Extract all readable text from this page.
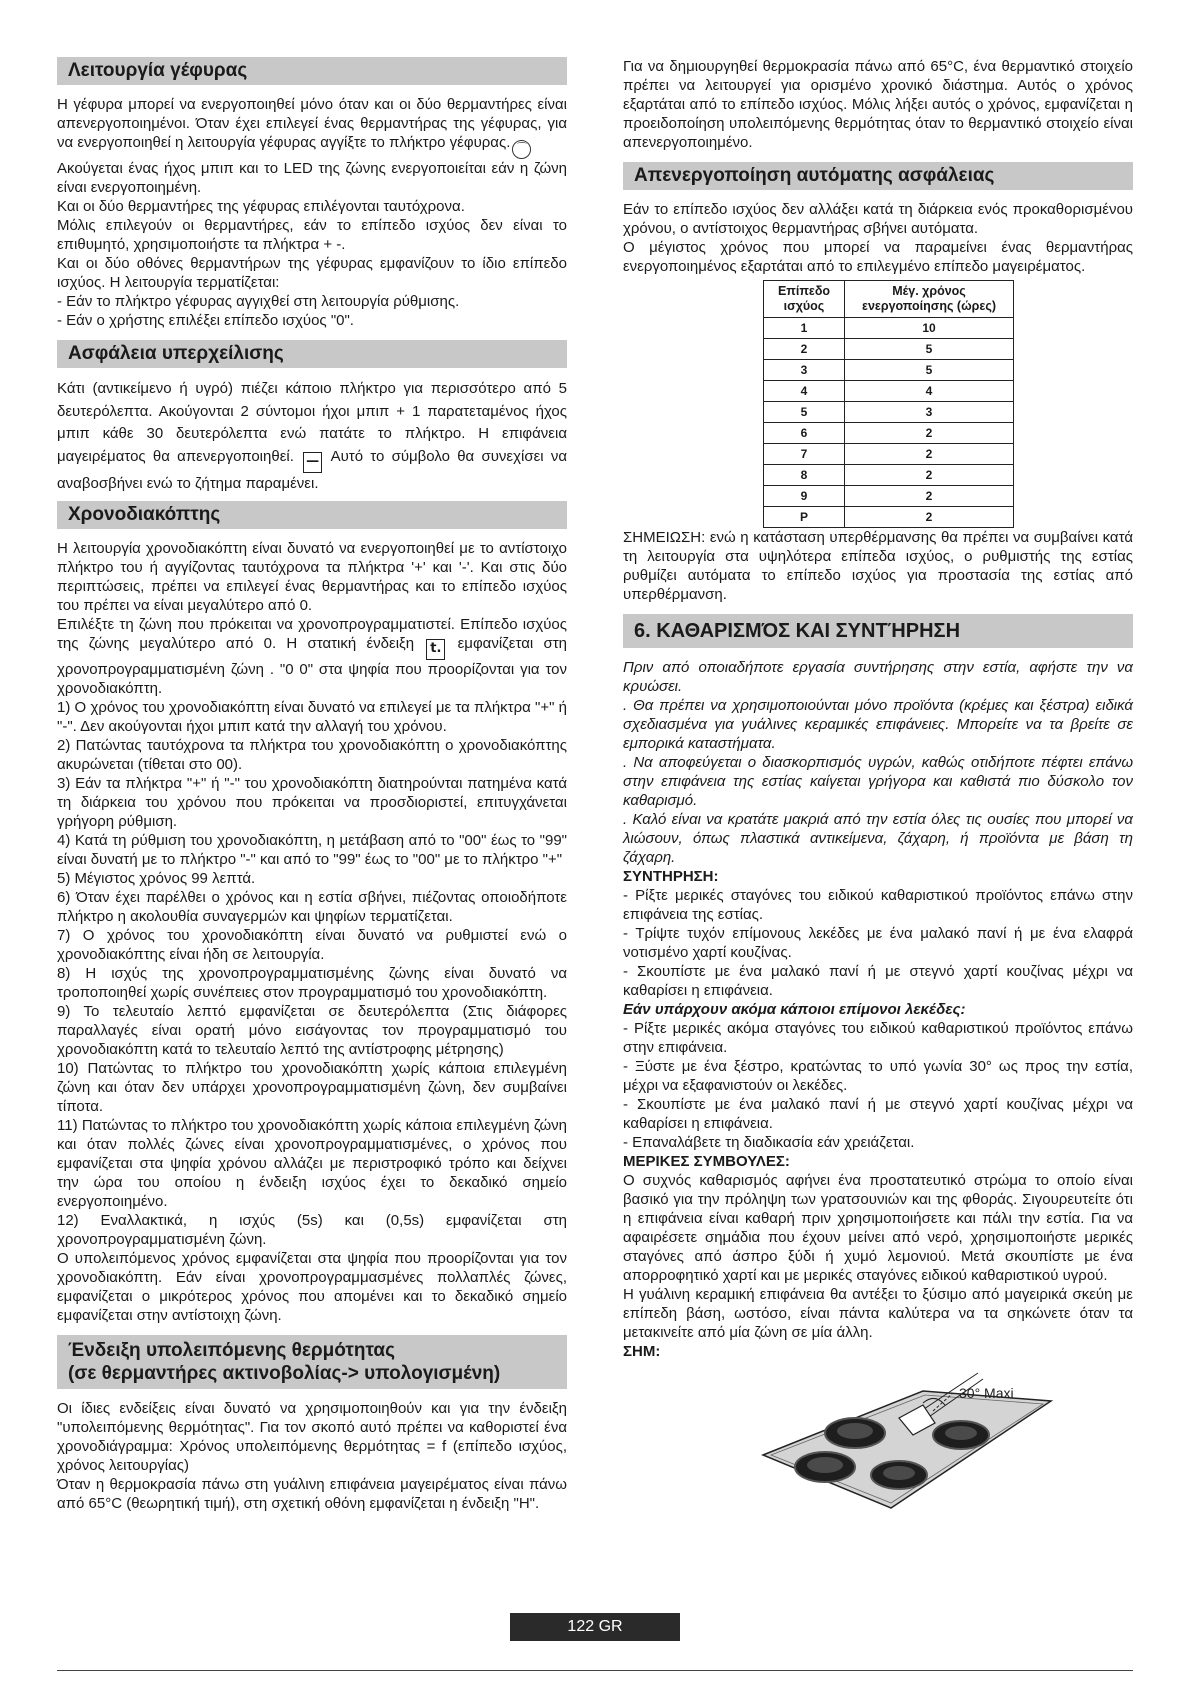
Λειτουργία γέφυρας

Η γέφυρα μπορεί να ενεργοποιηθεί μόνο όταν και οι δύο θερμαντήρες είναι απενεργοποιημένοι. Όταν έχει επιλεγεί ένας θερμαντήρας της γέφυρας, για να ενεργοποιηθεί η λειτουργία γέφυρας αγγίξτε το πλήκτρο γέφυρας. ⌒

Ακούγεται ένας ήχος μπιπ και το LED της ζώνης ενεργοποιείται εάν η ζώνη είναι ενεργοποιημένη.

Και οι δύο θερμαντήρες της γέφυρας επιλέγονται ταυτόχρονα.

Μόλις επιλεγούν οι θερμαντήρες, εάν το επίπεδο ισχύος δεν είναι το επιθυμητό, χρησιμοποιήστε τα πλήκτρα + -.

Και οι δύο οθόνες θερμαντήρων της γέφυρας εμφανίζουν το ίδιο επίπεδο ισχύος. Η λειτουργία τερματίζεται:

- Εάν το πλήκτρο γέφυρας αγγιχθεί στη λειτουργία ρύθμισης.

- Εάν ο χρήστης επιλέξει επίπεδο ισχύος "0".

Ασφάλεια υπερχείλισης

Κάτι (αντικείμενο ή υγρό) πιέζει κάποιο πλήκτρο για περισσότερο από 5 δευτερόλεπτα. Ακούγονται 2 σύντομοι ήχοι μπιπ + 1 παρατεταμένος ήχος μπιπ κάθε 30 δευτερόλεπτα ενώ πατάτε το πλήκτρο. Η επιφάνεια μαγειρέματος θα απενεργοποιηθεί. — Αυτό το σύμβολο θα συνεχίσει να αναβοσβήνει ενώ το ζήτημα παραμένει.

Χρονοδιακόπτης

Η λειτουργία χρονοδιακόπτη είναι δυνατό να ενεργοποιηθεί με το αντίστοιχο πλήκτρο του ή αγγίζοντας ταυτόχρονα τα πλήκτρα '+' και '-'. Και στις δύο περιπτώσεις, πρέπει να επιλεγεί ένας θερμαντήρας και το επίπεδο ισχύος του πρέπει να είναι μεγαλύτερο από 0.

Επιλέξτε τη ζώνη που πρόκειται να χρονοπρογραμματιστεί. Επίπεδο ισχύος της ζώνης μεγαλύτερο από 0. Η στατική ένδειξη t. εμφανίζεται στη χρονοπρογραμματισμένη ζώνη . "0 0" στα ψηφία που προορίζονται για τον χρονοδιακόπτη.

1) Ο χρόνος του χρονοδιακόπτη είναι δυνατό να επιλεγεί με τα πλήκτρα "+" ή "-". Δεν ακούγονται ήχοι μπιπ κατά την αλλαγή του χρόνου.

2) Πατώντας ταυτόχρονα τα πλήκτρα του χρονοδιακόπτη ο χρονοδιακόπτης ακυρώνεται (τίθεται στο 00).

3) Εάν τα πλήκτρα "+" ή "-" του χρονοδιακόπτη διατηρούνται πατημένα κατά τη διάρκεια του χρόνου που πρόκειται να προσδιοριστεί, επιτυγχάνεται γρήγορη ρύθμιση.

4) Κατά τη ρύθμιση του χρονοδιακόπτη, η μετάβαση από το "00" έως το "99" είναι δυνατή με το πλήκτρο "-" και από το "99" έως το "00" με το πλήκτρο "+"

5) Μέγιστος χρόνος 99 λεπτά.

6) Όταν έχει παρέλθει ο χρόνος και η εστία σβήνει, πιέζοντας οποιοδήποτε πλήκτρο η ακολουθία συναγερμών και ψηφίων τερματίζεται.

7) Ο χρόνος του χρονοδιακόπτη είναι δυνατό να ρυθμιστεί ενώ ο χρονοδιακόπτης είναι ήδη σε λειτουργία.

8) Η ισχύς της χρονοπρογραμματισμένης ζώνης είναι δυνατό να τροποποιηθεί χωρίς συνέπειες στον προγραμματισμό του χρονοδιακόπτη.

9) Το τελευταίο λεπτό εμφανίζεται σε δευτερόλεπτα (Στις διάφορες παραλλαγές είναι ορατή μόνο εισάγοντας τον προγραμματισμό του χρονοδιακόπτη κατά το τελευταίο λεπτό της αντίστροφης μέτρησης)

10) Πατώντας το πλήκτρο του χρονοδιακόπτη χωρίς κάποια επιλεγμένη ζώνη και όταν δεν υπάρχει χρονοπρογραμματισμένη ζώνη, δεν συμβαίνει τίποτα.

11) Πατώντας το πλήκτρο του χρονοδιακόπτη χωρίς κάποια επιλεγμένη ζώνη και όταν πολλές ζώνες είναι χρονοπρογραμματισμένες, ο χρόνος που εμφανίζεται στα ψηφία χρόνου αλλάζει με περιστροφικό τρόπο και δείχνει την ώρα του οποίου η ένδειξη ισχύος έχει το δεκαδικό σημείο ενεργοποιημένο.

12) Εναλλακτικά, η ισχύς (5s) και (0,5s) εμφανίζεται στη χρονοπρογραμματισμένη ζώνη.

Ο υπολειπόμενος χρόνος εμφανίζεται στα ψηφία που προορίζονται για τον χρονοδιακόπτη. Εάν είναι χρονοπρογραμμασμένες πολλαπλές ζώνες, εμφανίζεται ο μικρότερος χρόνος που απομένει και το δεκαδικό σημείο εμφανίζεται στην αντίστοιχη ζώνη.

Ένδειξη υπολειπόμενης θερμότητας
(σε θερμαντήρες ακτινοβολίας-> υπολογισμένη)

Οι ίδιες ενδείξεις είναι δυνατό να χρησιμοποιηθούν και για την ένδειξη "υπολειπόμενης θερμότητας". Για τον σκοπό αυτό πρέπει να καθοριστεί ένα χρονοδιάγραμμα: Χρόνος υπολειπόμενης θερμότητας = f (επίπεδο ισχύος, χρόνος λειτουργίας)

Όταν η θερμοκρασία πάνω στη γυάλινη επιφάνεια μαγειρέματος είναι πάνω από 65°C (θεωρητική τιμή), στη σχετική οθόνη εμφανίζεται η ένδειξη "H".

Για να δημιουργηθεί θερμοκρασία πάνω από 65°C, ένα θερμαντικό στοιχείο πρέπει να λειτουργεί για ορισμένο χρονικό διάστημα. Αυτός ο χρόνος εξαρτάται από το επίπεδο ισχύος. Μόλις λήξει αυτός ο χρόνος, εμφανίζεται η προειδοποίηση υπολειπόμενης θερμότητας όταν το θερμαντικό στοιχείο είναι απενεργοποιημένο.

Απενεργοποίηση αυτόματης ασφάλειας

Εάν το επίπεδο ισχύος δεν αλλάξει κατά τη διάρκεια ενός προκαθορισμένου χρόνου, ο αντίστοιχος θερμαντήρας σβήνει αυτόματα.

Ο μέγιστος χρόνος που μπορεί να παραμείνει ένας θερμαντήρας ενεργοποιημένος εξαρτάται από το επιλεγμένο επίπεδο μαγειρέματος.

Επίπεδο ισχύος	Μέγ. χρόνος ενεργοποίησης (ώρες)
1	10
2	5
3	5
4	4
5	3
6	2
7	2
8	2
9	2
P	2

ΣΗΜΕΙΩΣΗ: ενώ η κατάσταση υπερθέρμανσης θα πρέπει να συμβαίνει κατά τη λειτουργία στα υψηλότερα επίπεδα ισχύος, ο ρυθμιστής της εστίας ρυθμίζει αυτόματα το επίπεδο ισχύος για προστασία της εστίας από υπερθέρμανση.

6. ΚΑΘΑΡΙΣΜΌΣ ΚΑΙ ΣΥΝΤΉΡΗΣΗ

Πριν από οποιαδήποτε εργασία συντήρησης στην εστία, αφήστε την να κρυώσει.

. Θα πρέπει να χρησιμοποιούνται μόνο προϊόντα (κρέμες και ξέστρα) ειδικά σχεδιασμένα για γυάλινες κεραμικές επιφάνειες. Μπορείτε να τα βρείτε σε εμπορικά καταστήματα.

. Να αποφεύγεται ο διασκορπισμός υγρών, καθώς οτιδήποτε πέφτει επάνω στην επιφάνεια της εστίας καίγεται γρήγορα και καθιστά πιο δύσκολο τον καθαρισμό.

. Καλό είναι να κρατάτε μακριά από την εστία όλες τις ουσίες που μπορεί να λιώσουν, όπως πλαστικά αντικείμενα, ζάχαρη, ή προϊόντα με βάση τη ζάχαρη.

ΣΥΝΤΗΡΗΣΗ:

- Ρίξτε μερικές σταγόνες του ειδικού καθαριστικού προϊόντος επάνω στην επιφάνεια της εστίας.

- Τρίψτε τυχόν επίμονους λεκέδες με ένα μαλακό πανί ή με ένα ελαφρά νοτισμένο χαρτί κουζίνας.

- Σκουπίστε με ένα μαλακό πανί ή με στεγνό χαρτί κουζίνας μέχρι να καθαρίσει η επιφάνεια.

Εάν υπάρχουν ακόμα κάποιοι επίμονοι λεκέδες:

- Ρίξτε μερικές ακόμα σταγόνες του ειδικού καθαριστικού προϊόντος επάνω στην επιφάνεια.

- Ξύστε με ένα ξέστρο, κρατώντας το υπό γωνία 30° ως προς την εστία, μέχρι να εξαφανιστούν οι λεκέδες.

- Σκουπίστε με ένα μαλακό πανί ή με στεγνό χαρτί κουζίνας μέχρι να καθαρίσει η επιφάνεια.

- Επαναλάβετε τη διαδικασία εάν χρειάζεται.

ΜΕΡΙΚΕΣ ΣΥΜΒΟΥΛΕΣ:

Ο συχνός καθαρισμός αφήνει ένα προστατευτικό στρώμα το οποίο είναι βασικό για την πρόληψη των γρατσουνιών και της φθοράς. Σιγουρευτείτε ότι η επιφάνεια είναι καθαρή πριν χρησιμοποιήσετε και πάλι την εστία. Για να αφαιρέσετε σημάδια που έχουν μείνει από νερό, χρησιμοποιήστε μερικές σταγόνες από άσπρο ξύδι ή χυμό λεμονιού. Μετά σκουπίστε με ένα απορροφητικό χαρτί και με μερικές σταγόνες ειδικού καθαριστικού υγρού.

Η γυάλινη κεραμική επιφάνεια θα αντέξει το ξύσιμο από μαγειρικά σκεύη με επίπεδη βάση, ωστόσο, είναι πάντα καλύτερα να τα σηκώνετε όταν τα μετακινείτε από μία ζώνη σε μία άλλη.

ΣΗΜ:

30° Maxi
122 GR
